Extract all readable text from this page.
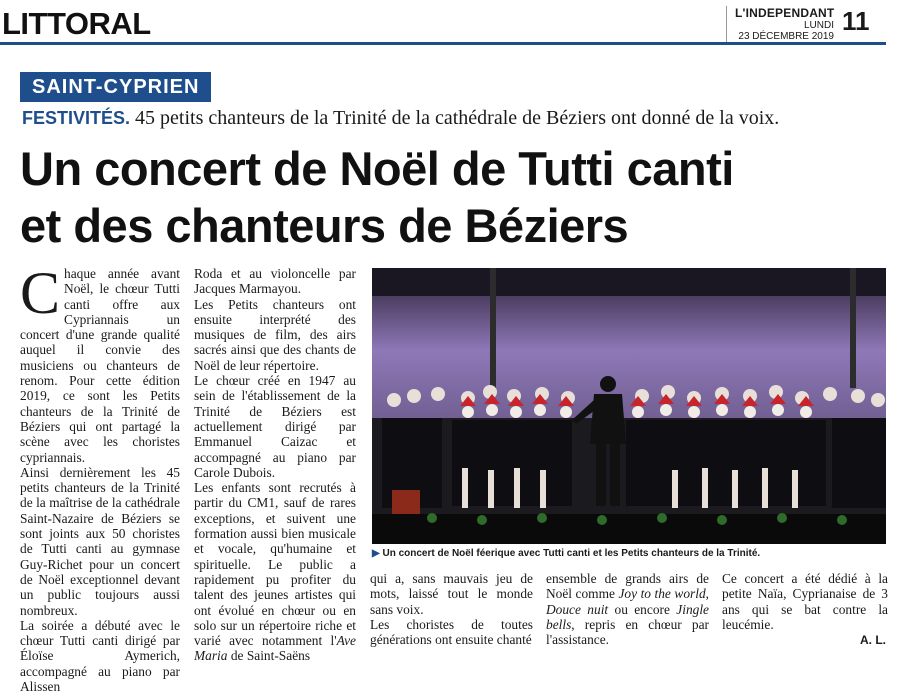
LITTORAL	L'INDEPENDANT
LUNDI
23 DÉCEMBRE 2019
11
SAINT-CYPRIEN
FESTIVITÉS. 45 petits chanteurs de la Trinité de la cathédrale de Béziers ont donné de la voix.
Un concert de Noël de Tutti canti
et des chanteurs de Béziers

Chaque année avant Noël, le chœur Tutti canti offre aux Cypriannais un concert d'une grande qualité auquel il convie des musiciens ou chanteurs de renom. Pour cette édition 2019, ce sont les Petits chanteurs de la Trinité de Béziers qui ont partagé la scène avec les choristes cypriannais.

Ainsi dernièrement les 45 petits chanteurs de la Trinité de la maîtrise de la cathédrale Saint-Nazaire de Béziers se sont joints aux 50 choristes de Tutti canti au gymnase Guy-Richet pour un concert de Noël exceptionnel devant un public toujours aussi nombreux.

La soirée a débuté avec le chœur Tutti canti dirigé par Éloïse Aymerich, accompagné au piano par Alissen

Roda et au violoncelle par Jacques Marmayou.

Les Petits chanteurs ont ensuite interprété des musiques de film, des airs sacrés ainsi que des chants de Noël de leur répertoire.

Le chœur créé en 1947 au sein de l'établissement de la Trinité de Béziers est actuellement dirigé par Emmanuel Caizac et accompagné au piano par Carole Dubois.

Les enfants sont recrutés à partir du CM1, sauf de rares exceptions, et suivent une formation aussi bien musicale et vocale, qu'humaine et spirituelle. Le public a rapidement pu profiter du talent des jeunes artistes qui ont évolué en chœur ou en solo sur un répertoire riche et varié avec notamment l'Ave Maria de Saint-Saëns

▶ Un concert de Noël féerique avec Tutti canti et les Petits chanteurs de la Trinité.

qui a, sans mauvais jeu de mots, laissé tout le monde sans voix.

Les choristes de toutes générations ont ensuite chanté

ensemble de grands airs de Noël comme Joy to the world, Douce nuit ou encore Jingle bells, repris en chœur par l'assistance.

Ce concert a été dédié à la petite Naïa, Cyprianaise de 3 ans qui se bat contre la leucémie.

A. L.
